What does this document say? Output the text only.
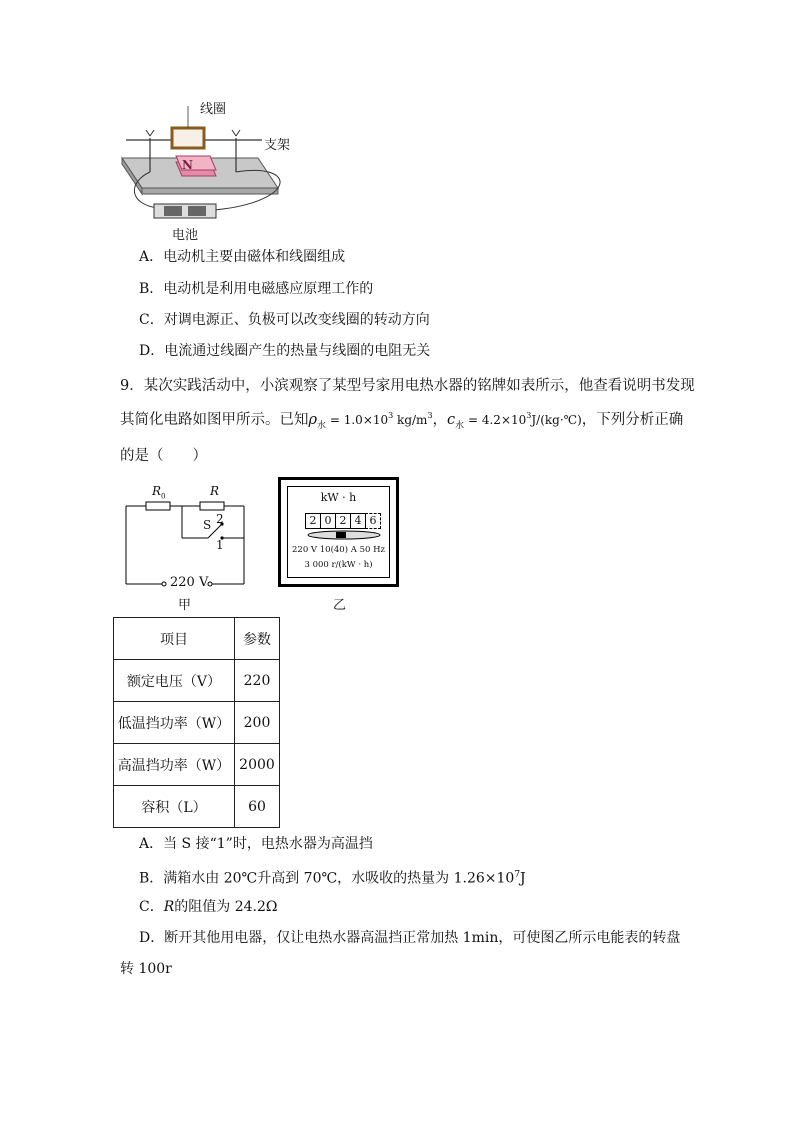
线圈
支架
电池
N
A．电动机主要由磁体和线圈组成
B．电动机是利用电磁感应原理工作的
C．对调电源正、负极可以改变线圈的转动方向
D．电流通过线圈产生的热量与线圈的电阻无关
9．某次实践活动中，小滨观察了某型号家用电热水器的铭牌如表所示，他查看说明书发现
其简化电路如图甲所示。已知$\rho_水 = 1.0\times 10^3$ $kg/m^3$，$c_水$ = $4.2\times 10^3J/(kg\cdot℃)$，下列分析正确
的是（　　）
$R_0$	R
S 2
1
220 V
甲
kW · h
2 0 2 4 6
220 V 10(40) A 50 Hz
3 000 r/(kW · h)
乙
项目	参数
额定电压（V）	220
低温挡功率（W）	200
高温挡功率（W）	2000
容积（L）	60
A．当 S 接“1”时，电热水器为高温挡
B．满箱水由 20℃升高到 70℃，水吸收的热量为 $1.26\times 10^7J$
C．R的阻值为 24.2Ω
D．断开其他用电器，仅让电热水器高温挡正常加热 1min，可使图乙所示电能表的转盘
转 100r
